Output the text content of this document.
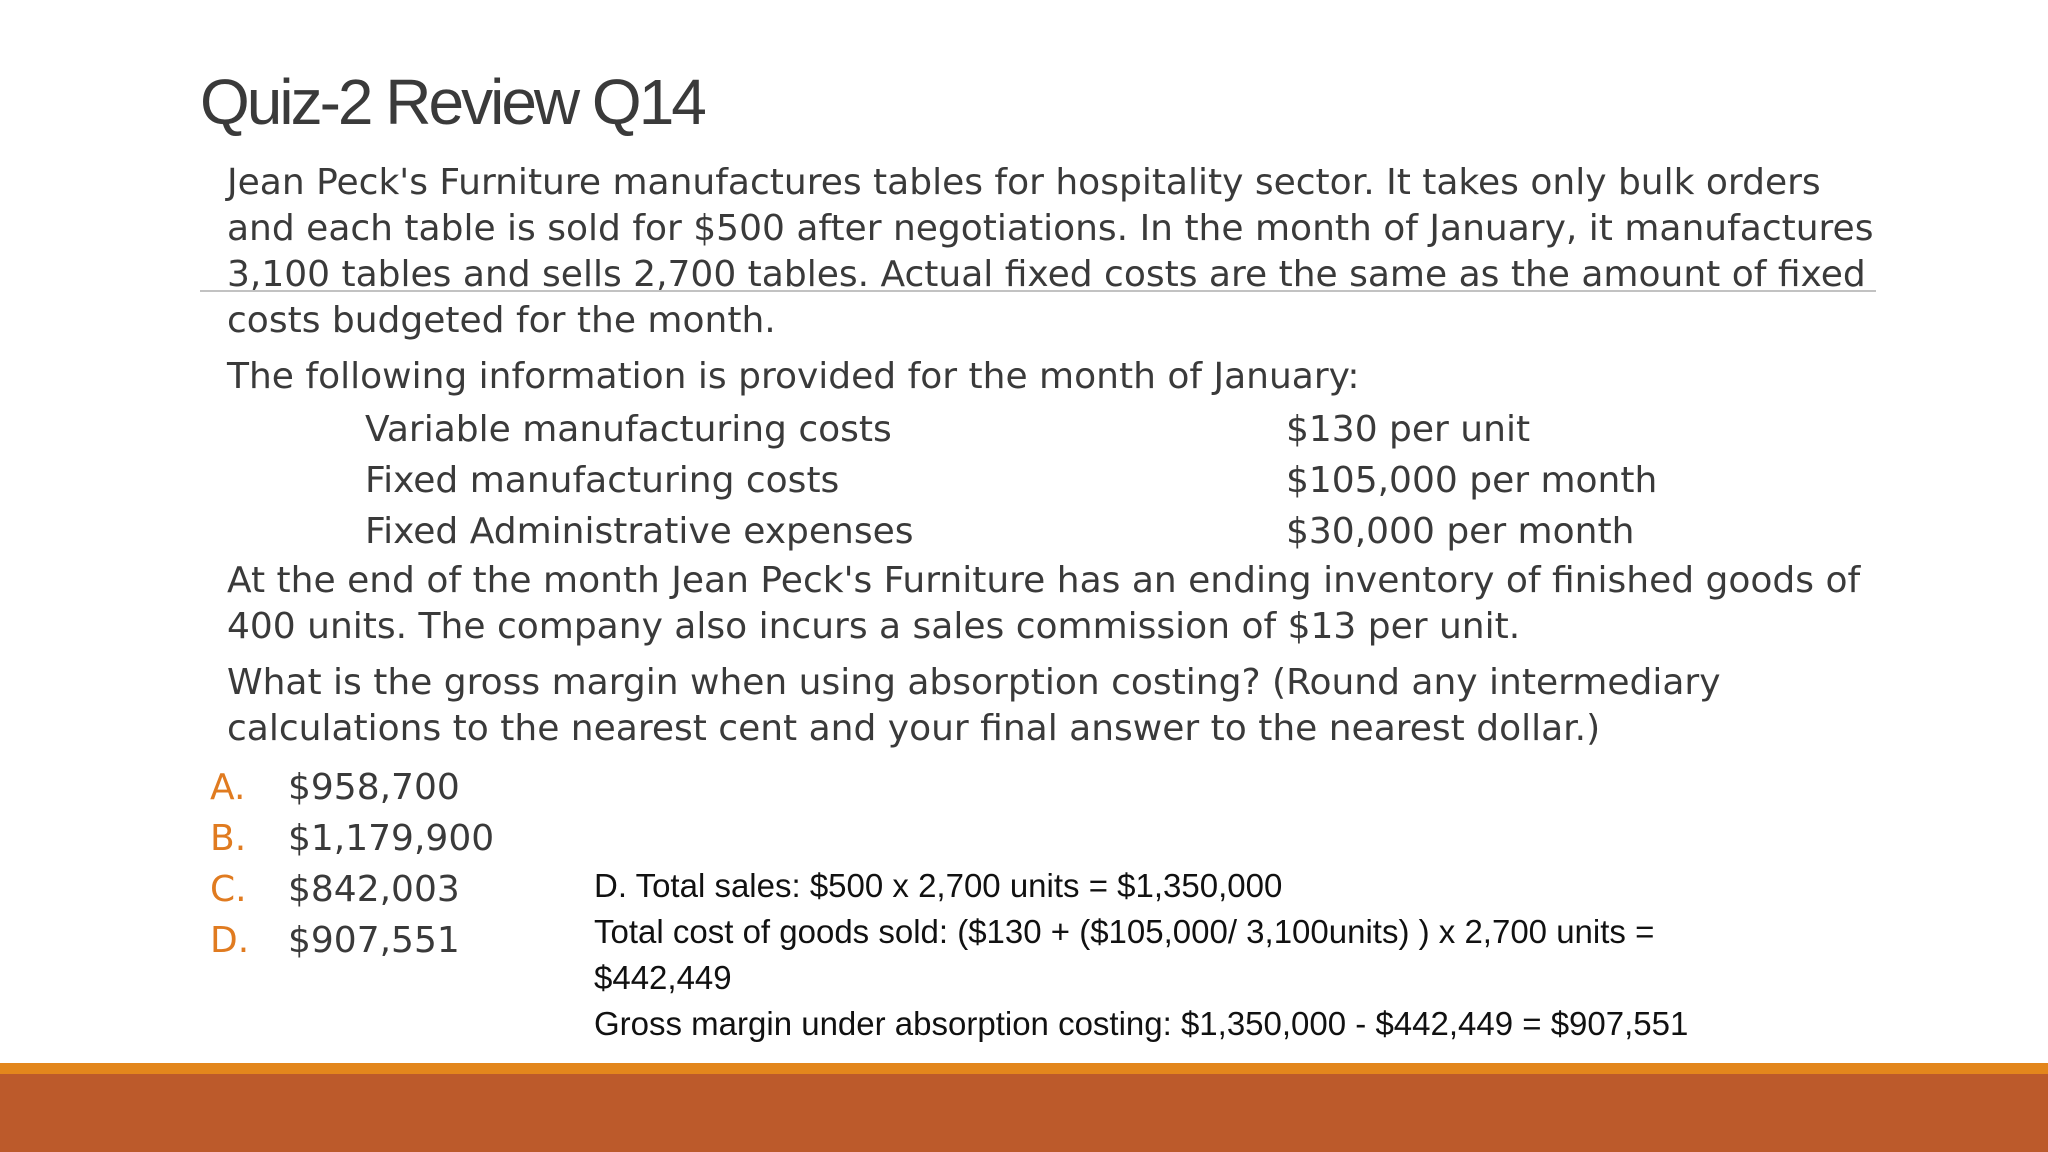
Quiz-2 Review Q14
Jean Peck's Furniture manufactures tables for hospitality sector. It takes only bulk orders and each table is sold for $500 after negotiations. In the month of January, it manufactures 3,100 tables and sells 2,700 tables. Actual fixed costs are the same as the amount of fixed costs budgeted for the month.
The following information is provided for the month of January:
Variable manufacturing costs	$130 per unit
Fixed manufacturing costs	$105,000 per month
Fixed Administrative expenses	$30,000 per month
At the end of the month Jean Peck's Furniture has an ending inventory of finished goods of 400 units. The company also incurs a sales commission of $13 per unit.
What is the gross margin when using absorption costing? (Round any intermediary calculations to the nearest cent and your final answer to the nearest dollar.)
A. $958,700
B. $1,179,900
C. $842,003
D. $907,551
D. Total sales: $500 x 2,700 units = $1,350,000
Total cost of goods sold: ($130 + ($105,000/ 3,100units) ) x 2,700 units =
$442,449
Gross margin under absorption costing: $1,350,000 - $442,449 = $907,551
